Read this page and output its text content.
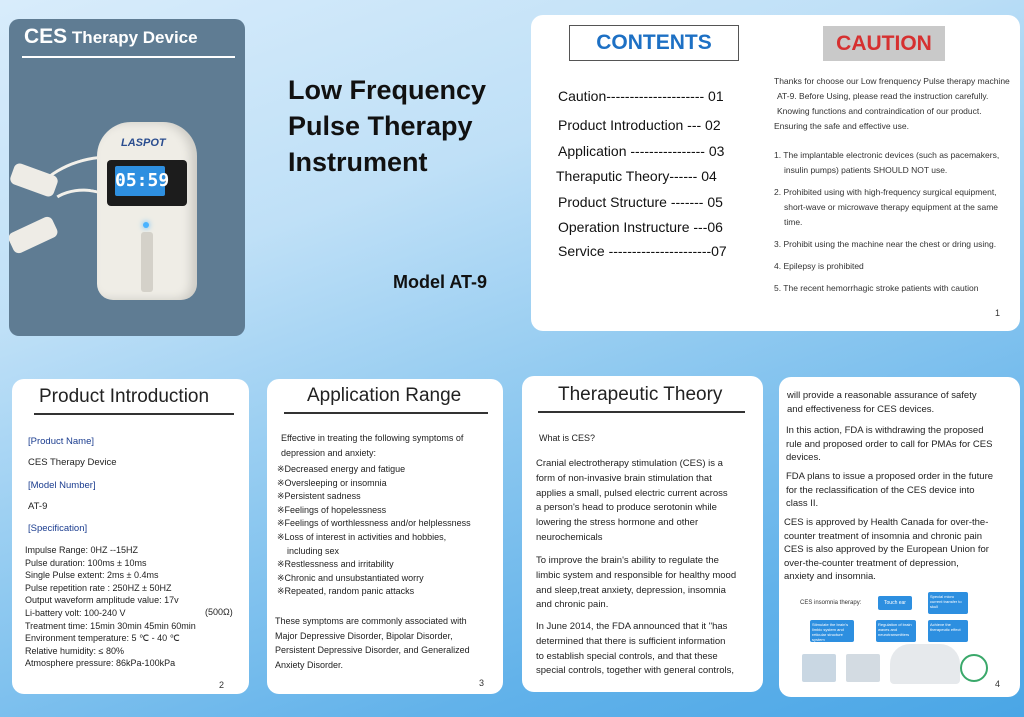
CES Therapy Device
LASPOT
05:59
Low Frequency
Pulse Therapy
Instrument
Model AT-9
CONTENTS	CAUTION
Caution--------------------- 01
Product Introduction --- 02
Application ---------------- 03
Theraputic Theory------ 04
Product Structure ------- 05
Operation Instructure ---06
Service ----------------------07
Thanks for choose our Low frenquency Pulse therapy machine
AT-9. Before Using, please read the instruction carefully.
Knowing functions and contraindication of our product.
Ensuring the safe and effective use.
1. The implantable electronic devices (such as pacemakers,
insulin pumps) patients SHOULD NOT use.
2. Prohibited using with high-frequency surgical equipment,
short-wave or microwave therapy equipment at the same
time.
3. Prohibit using the machine near the chest or dring using.
4. Epilepsy is prohibited
5. The recent hemorrhagic stroke patients with caution
1
Product Introduction
[Product Name]
CES Therapy Device
[Model Number]
AT-9
[Specification]
Impulse Range: 0HZ --15HZ
Pulse duration: 100ms ± 10ms
Single Pulse extent: 2ms ± 0.4ms
Pulse repetition rate : 250HZ ± 50HZ
Output waveform amplitude value: 17v
Li-battery volt: 100-240 V
Treatment time: 15min 30min 45min 60min
Environment temperature: 5 ℃ - 40 ℃
Relative humidity: ≤ 80%
Atmosphere pressure: 86kPa-100kPa
(500Ω)
2
Application Range
Effective in treating the following symptoms of
depression and anxiety:
※Decreased energy and fatigue
※Oversleeping or insomnia
※Persistent sadness
※Feelings of hopelessness
※Feelings of worthlessness and/or helplessness
※Loss of interest in activities and hobbies,
including sex
※Restlessness and irritability
※Chronic and unsubstantiated worry
※Repeated, random panic attacks
These symptoms are commonly associated with
Major Depressive Disorder, Bipolar Disorder,
Persistent Depressive Disorder, and Generalized
Anxiety Disorder.
3
Therapeutic Theory
What is CES?
Cranial electrotherapy stimulation (CES) is a
form of non-invasive brain stimulation that
applies a small, pulsed electric current across
a person's head to produce serotonin while
lowering the stress hormone and other
neurochemicals
To improve the brain's ability to regulate the
limbic system and responsible for healthy mood
and sleep,treat anxiety, depression, insomnia
and chronic pain.
In June 2014, the FDA announced that it "has
determined that there is sufficient information
to establish special controls, and that these
special controls, together with general controls,
will provide a reasonable assurance of safety
and effectiveness for CES devices.
In this action, FDA is withdrawing the proposed
rule and proposed order to call for PMAs for CES
devices.
FDA plans to issue a proposed order in the future
for the reclassification of the CES device into
class II.
CES is approved by Health Canada for over-the-
counter treatment of insomnia and chronic pain
CES is also approved by the European Union for
over-the-counter treatment of depression,
anxiety and insomnia.
4
CES insomnia therapy:	Touch ear
Special micro current transfer to skull
Stimulate the brain's limbic system and reticular structure system
Regulation of brain waves and neurotransmitters
Achieve the therapeutic effect
